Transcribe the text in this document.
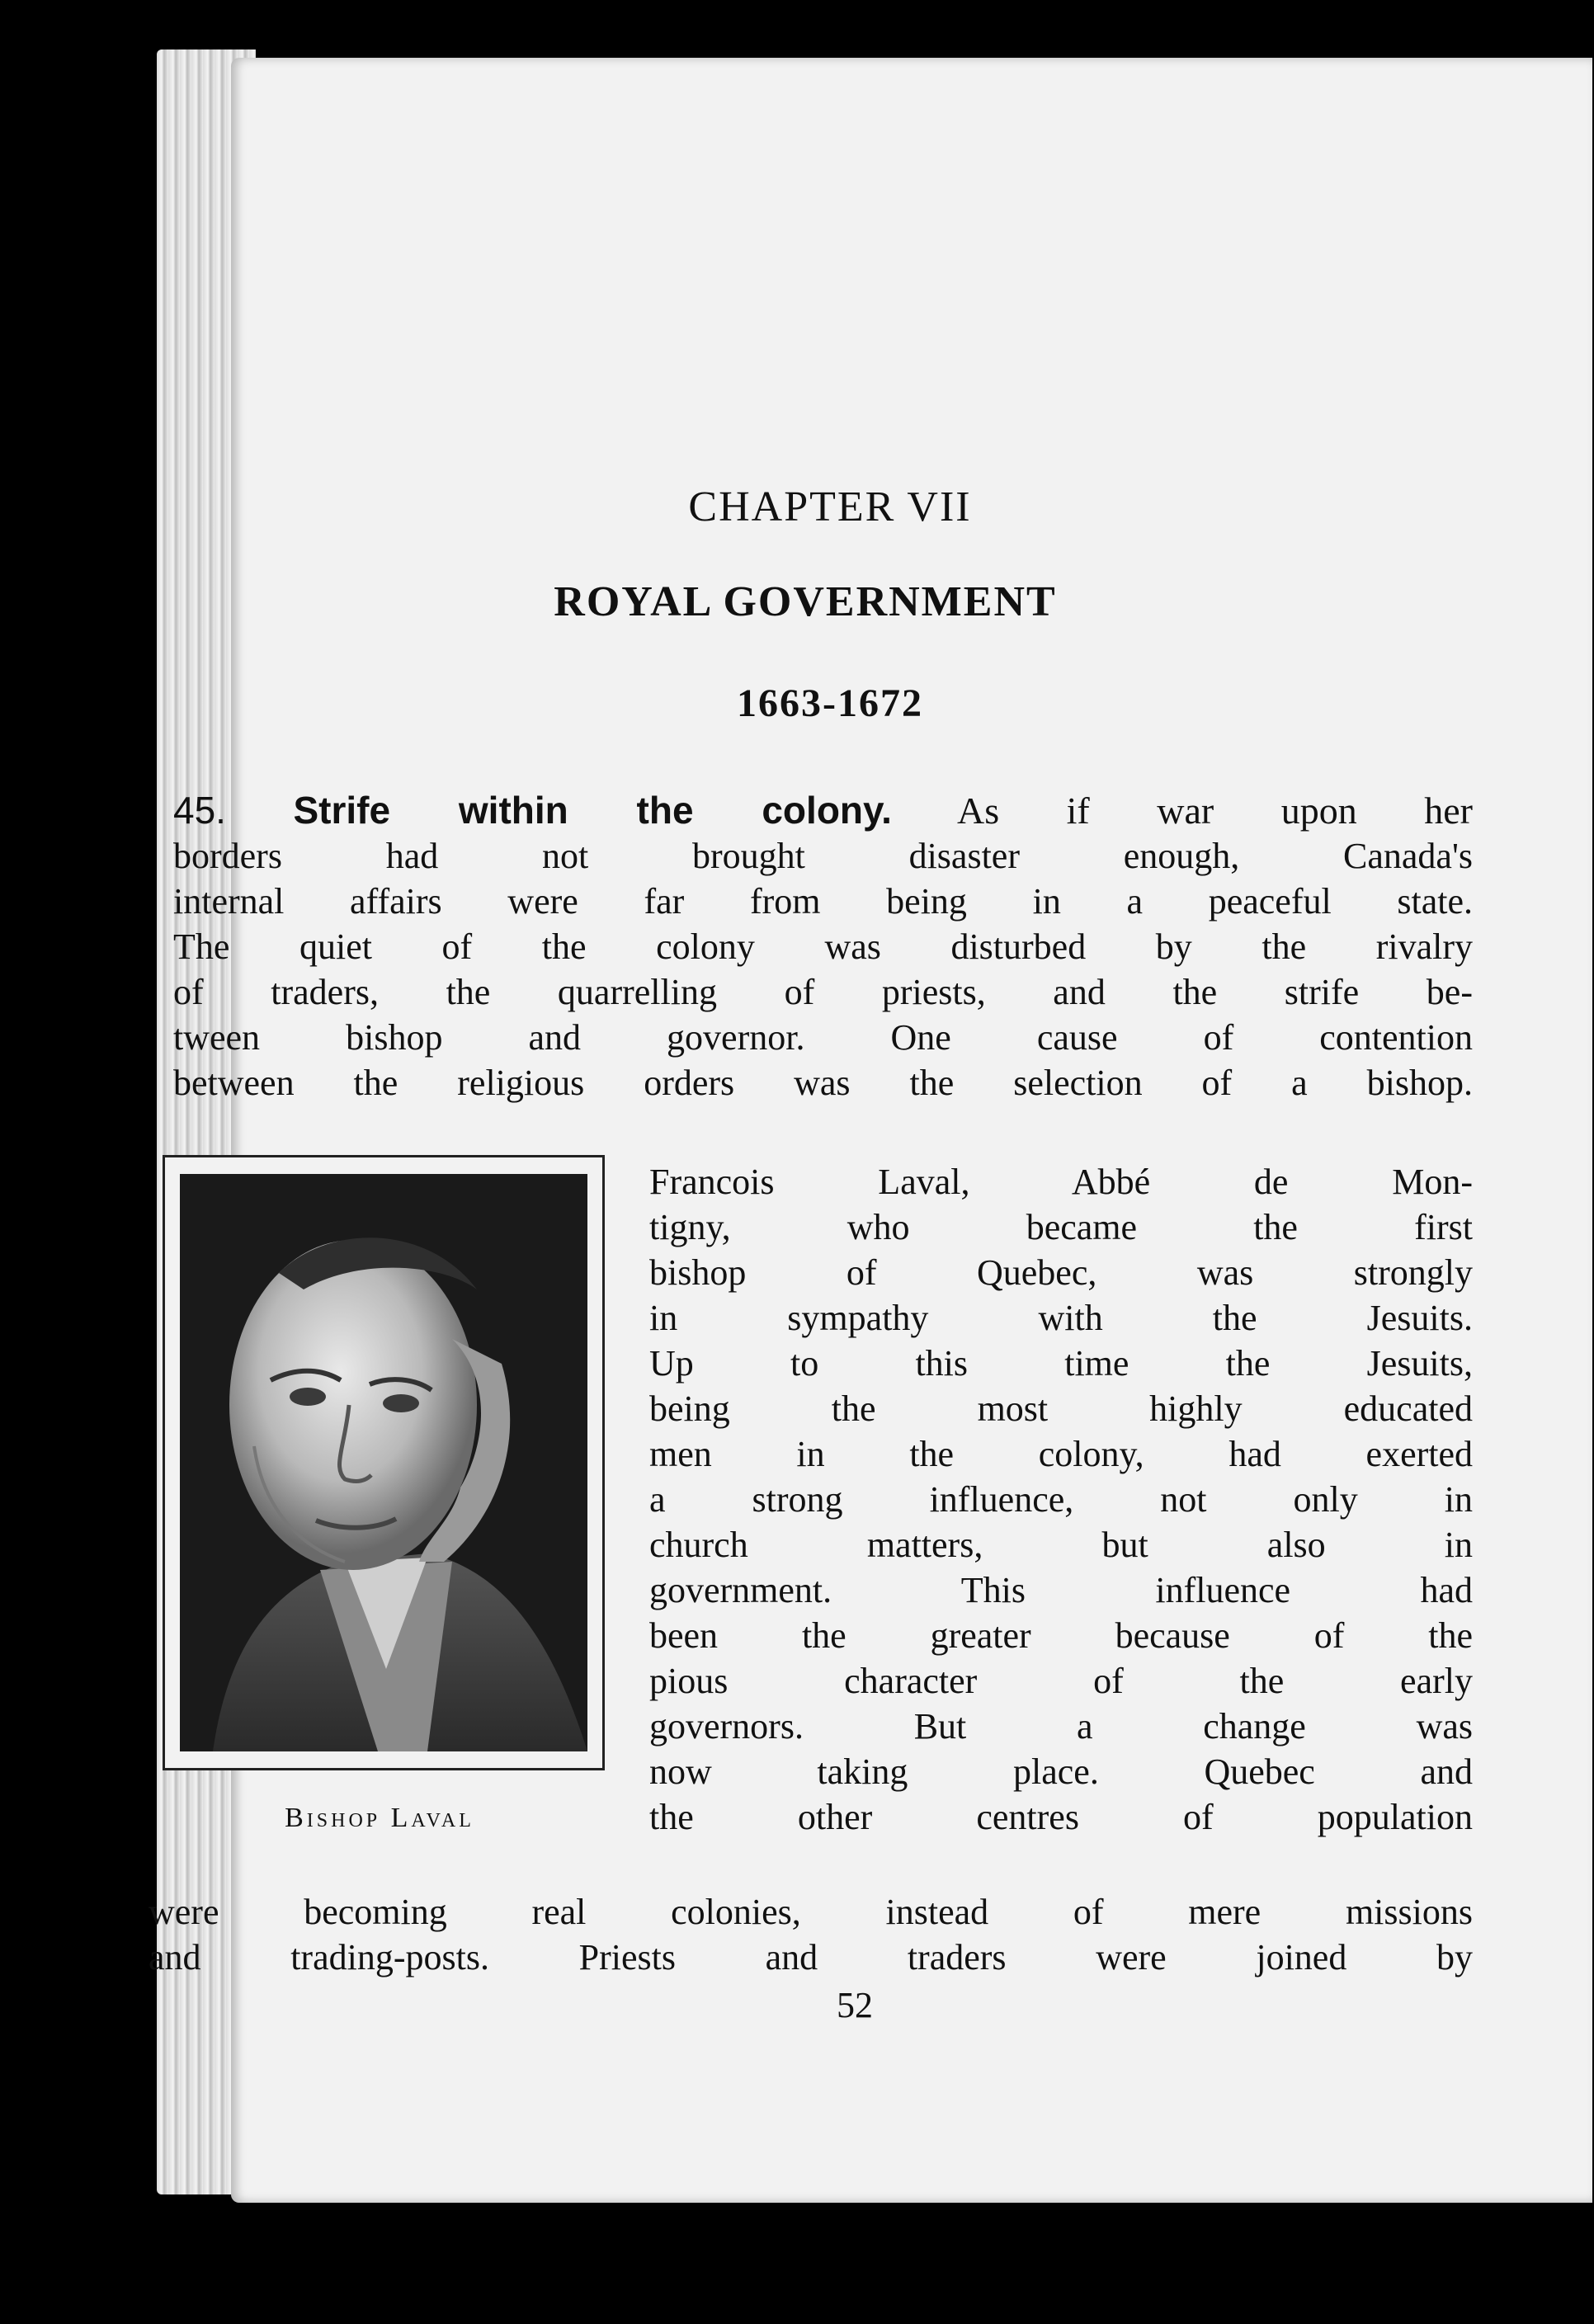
CHAPTER VII
ROYAL GOVERNMENT
1663-1672
45. Strife within the colony. As if war upon her
borders had not brought disaster enough, Canada's
internal affairs were far from being in a peaceful state.
The quiet of the colony was disturbed by the rivalry
of traders, the quarrelling of priests, and the strife be-
tween bishop and governor. One cause of contention
between the religious orders was the selection of a bishop.
Bishop Laval
Francois Laval, Abbé de Mon-
tigny, who became the first
bishop of Quebec, was strongly
in sympathy with the Jesuits.
Up to this time the Jesuits,
being the most highly educated
men in the colony, had exerted
a strong influence, not only in
church matters, but also in
government. This influence had
been the greater because of the
pious character of the early
governors. But a change was
now taking place. Quebec and
the other centres of population
were becoming real colonies, instead of mere missions
and trading-posts. Priests and traders were joined by
52
